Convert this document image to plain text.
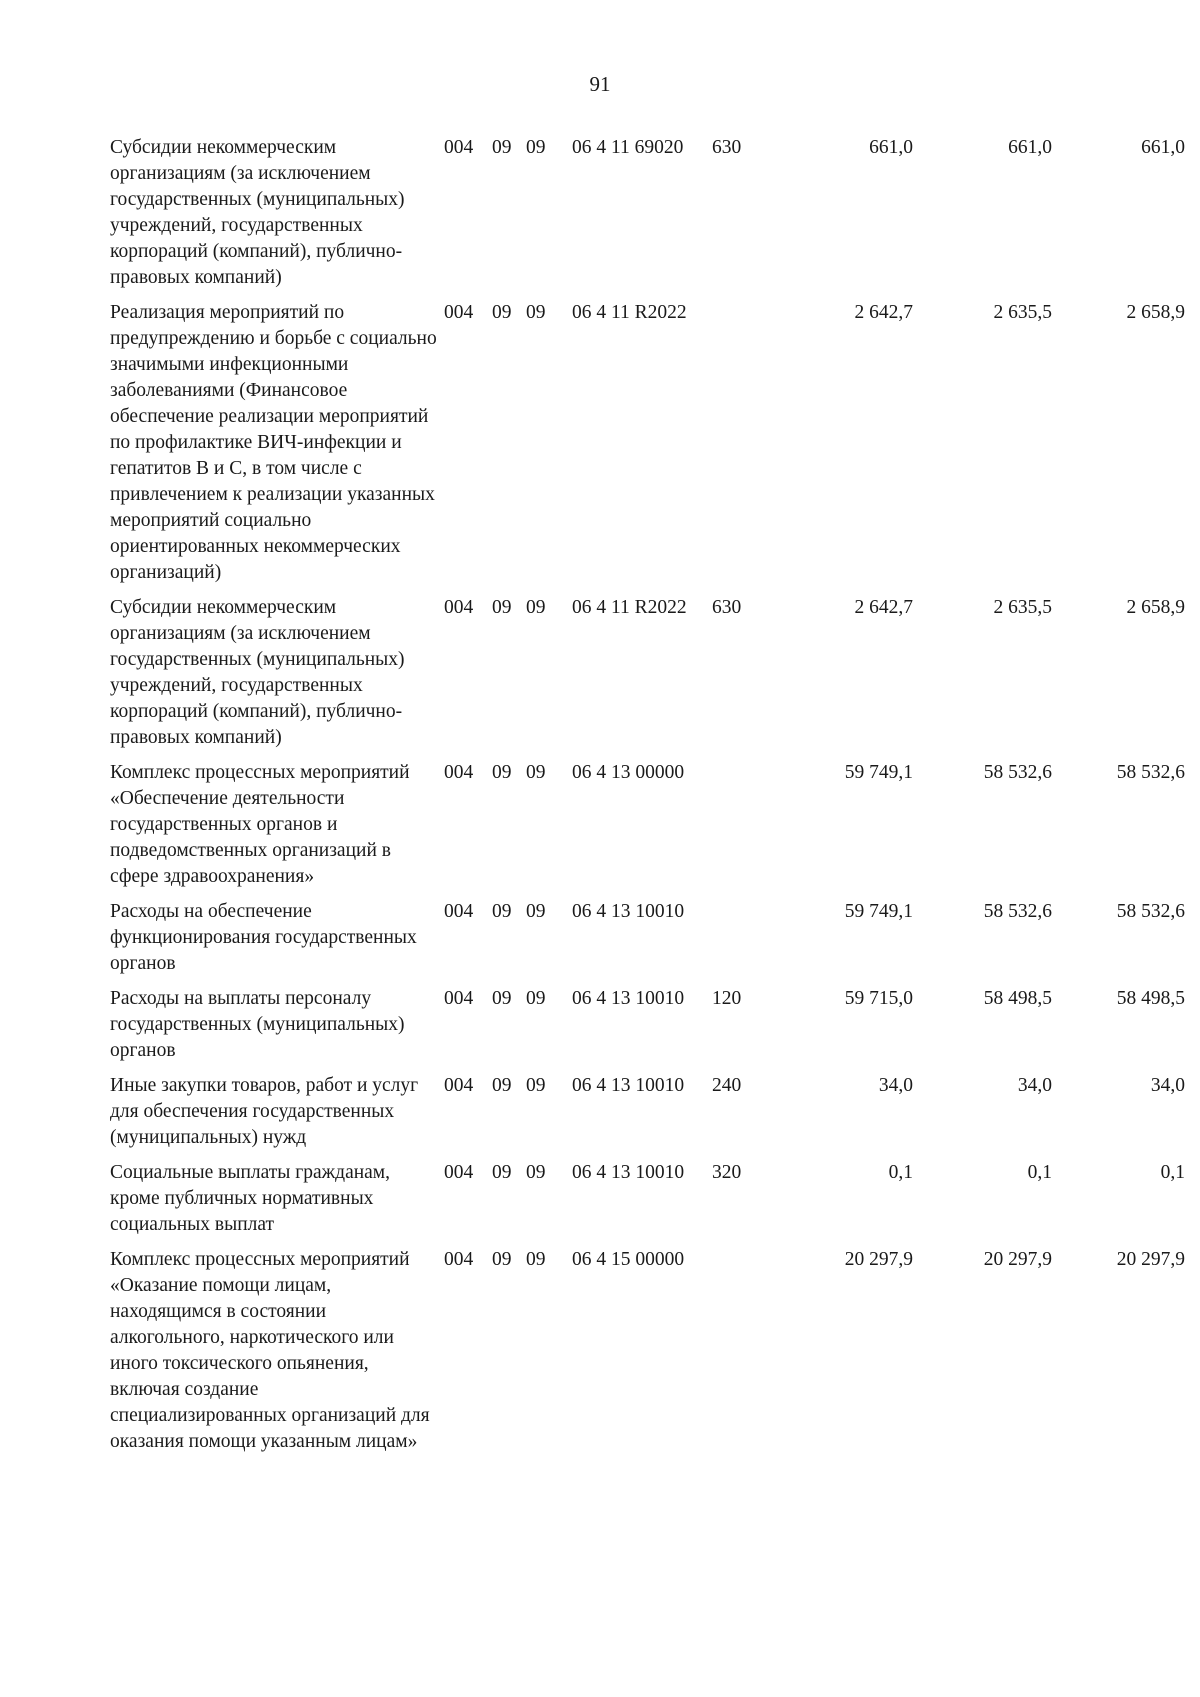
91
Субсидии некоммерческим организациям (за исключением государственных (муниципальных) учреждений, государственных корпораций (компаний), публично-правовых компаний)	004	09	09	06 4 11 69020	630	661,0	661,0	661,0
Реализация мероприятий по предупреждению и борьбе с социально значимыми инфекционными заболеваниями (Финансовое обеспечение реализации мероприятий по профилактике ВИЧ-инфекции и гепатитов В и С, в том числе с привлечением к реализации указанных мероприятий социально ориентированных некоммерческих организаций)	004	09	09	06 4 11 R2022		2 642,7	2 635,5	2 658,9
Субсидии некоммерческим организациям (за исключением государственных (муниципальных) учреждений, государственных корпораций (компаний), публично-правовых компаний)	004	09	09	06 4 11 R2022	630	2 642,7	2 635,5	2 658,9
Комплекс процессных мероприятий «Обеспечение деятельности государственных органов и подведомственных организаций в сфере здравоохранения»	004	09	09	06 4 13 00000		59 749,1	58 532,6	58 532,6
Расходы на обеспечение функционирования государственных органов	004	09	09	06 4 13 10010		59 749,1	58 532,6	58 532,6
Расходы на выплаты персоналу государственных (муниципальных) органов	004	09	09	06 4 13 10010	120	59 715,0	58 498,5	58 498,5
Иные закупки товаров, работ и услуг для обеспечения государственных (муниципальных) нужд	004	09	09	06 4 13 10010	240	34,0	34,0	34,0
Социальные выплаты гражданам, кроме публичных нормативных социальных выплат	004	09	09	06 4 13 10010	320	0,1	0,1	0,1
Комплекс процессных мероприятий «Оказание помощи лицам, находящимся в состоянии алкогольного, наркотического или иного токсического опьянения, включая создание специализированных организаций для оказания помощи указанным лицам»	004	09	09	06 4 15 00000		20 297,9	20 297,9	20 297,9
